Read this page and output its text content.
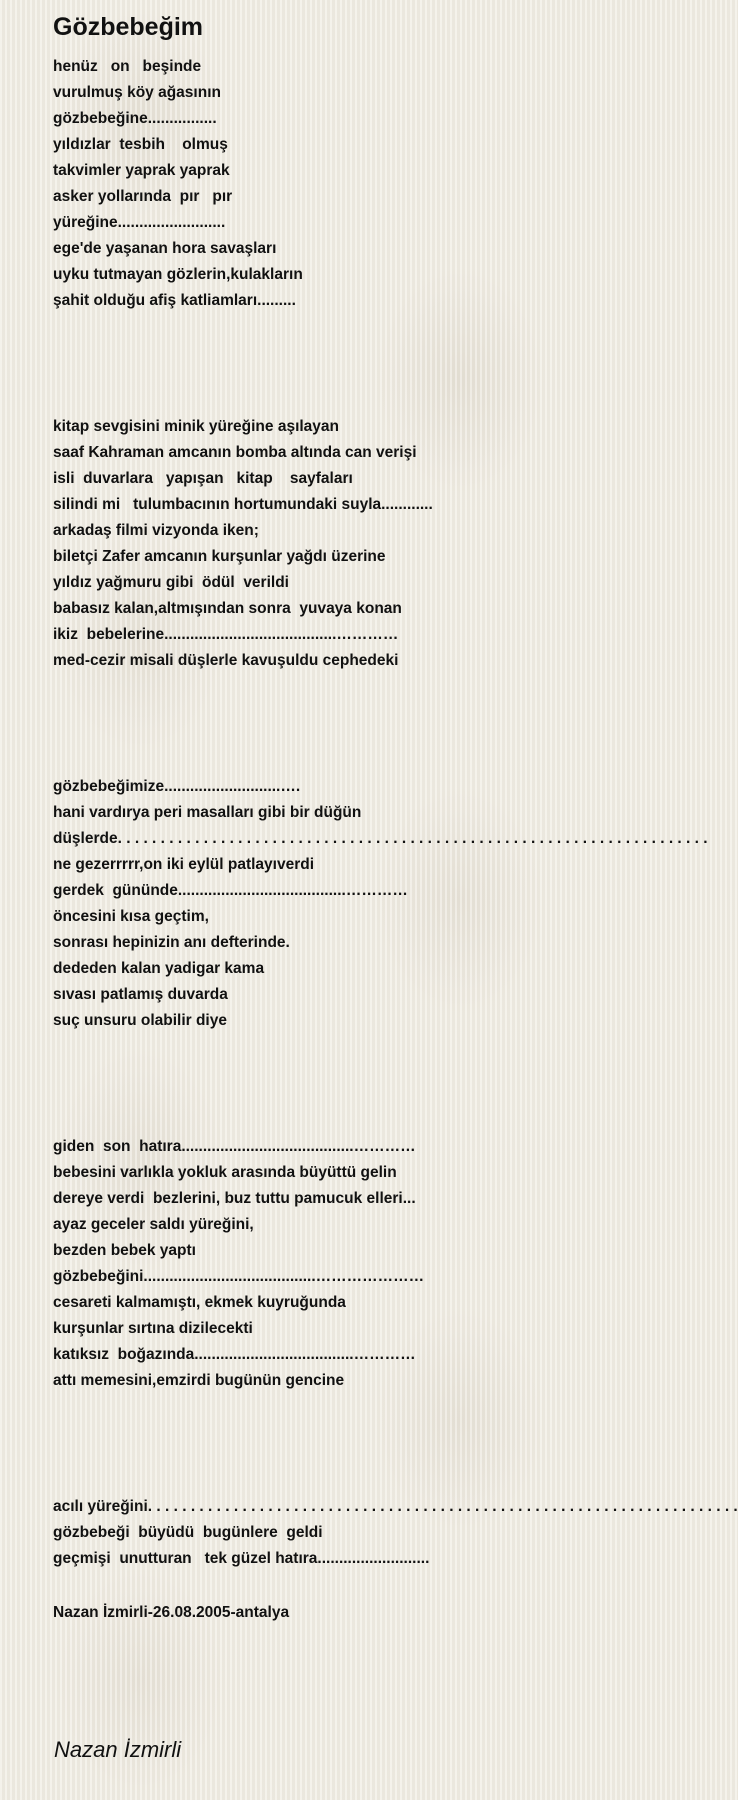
Gözbebeğim
henüz   on   beşinde
vurulmuş köy ağasının
gözbebeğine................
yıldızlar  tesbih    olmuş
takvimler yaprak yaprak
asker yollarında  pır   pır
yüreğine.........................
ege'de yaşanan hora savaşları
uyku tutmayan gözlerin,kulakların
şahit olduğu afiş katliamları.........
kitap sevgisini minik yüreğine aşılayan
saaf Kahraman amcanın bomba altında can verişi
isli  duvarlara   yapışan   kitap    sayfaları
silindi mi   tulumbacının hortumundaki suyla............
arkadaş filmi vizyonda iken;
biletçi Zafer amcanın kurşunlar yağdı üzerine
yıldız yağmuru gibi  ödül  verildi
babasız kalan,altmışından sonra  yuvaya konan
ikiz  bebelerine........................................…………
med-cezir misali düşlerle kavuşuldu cephedeki
gözbebeğimize...........................….
hani vardırya peri masalları gibi bir düğün
düşlerde. . . . . . . . . . . . . . . . . . . . . . . . . . . . . . . . . . . . . . . . . . . . . . . . . . . . . . . . . . . . . . . . . . . . .
ne gezerrrrr,on iki eylül patlayıverdi
gerdek  gününde.......................................…………
öncesini kısa geçtim,
sonrası hepinizin anı defterinde.
dededen kalan yadigar kama
sıvası patlamış duvarda
suç unsuru olabilir diye
giden  son  hatıra........................................…………
bebesini varlıkla yokluk arasında büyüttü gelin
dereye verdi  bezlerini, buz tuttu pamucuk elleri...
ayaz geceler saldı yüreğini,
bezden bebek yaptı
gözbebeğini........................................…………………
cesareti kalmamıştı, ekmek kuyruğunda
kurşunlar sırtına dizilecekti
katıksız  boğazında.....................................…………
attı memesini,emzirdi bugünün gencine
acılı yüreğini. . . . . . . . . . . . . . . . . . . . . . . . . . . . . . . . . . . . . . . . . . . . . . . . . . . . . . . . . . . . . . . . . . . . .
gözbebeği  büyüdü  bugünlere  geldi
geçmişi  unutturan   tek güzel hatıra..........................
Nazan İzmirli-26.08.2005-antalya
Nazan İzmirli
